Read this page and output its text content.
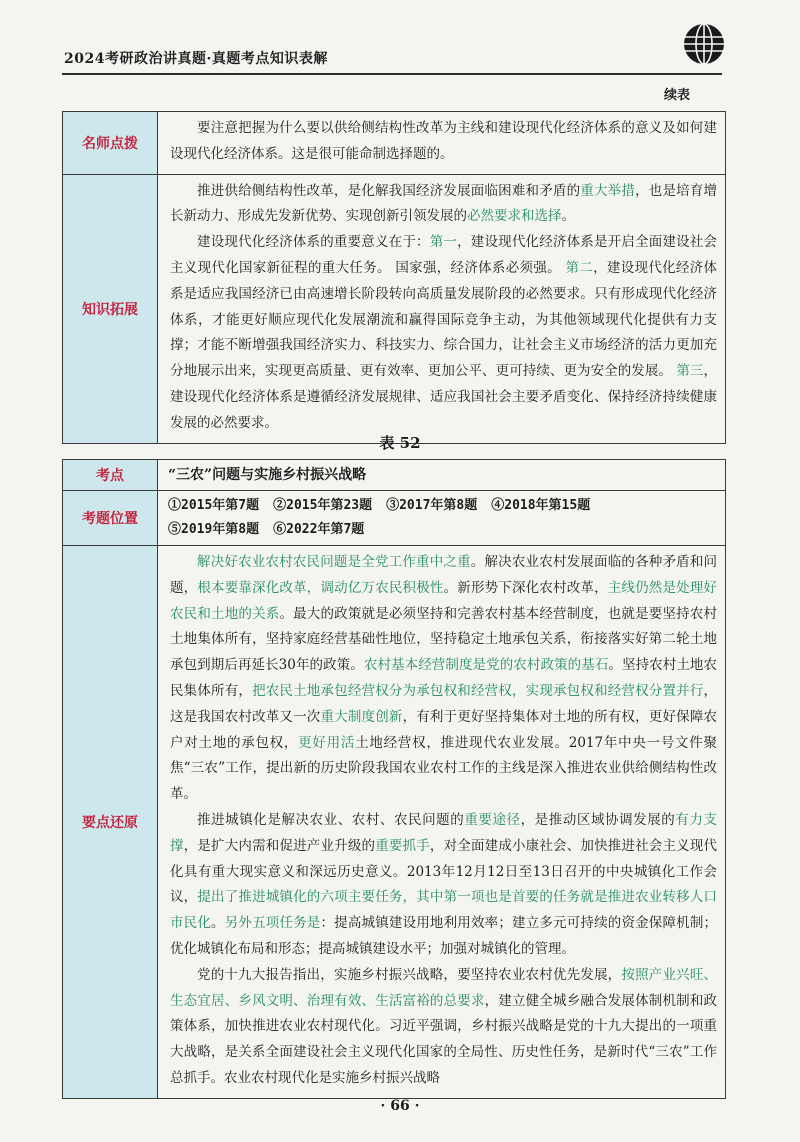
2024考研政治讲真题·真题考点知识表解
续表
名师点拨	要注意把握为什么要以供给侧结构性改革为主线和建设现代化经济体系的意义及如何建设现代化经济体系。这是很可能命制选择题的。

知识拓展	推进供给侧结构性改革，是化解我国经济发展面临困难和矛盾的重大举措，也是培育增长新动力、形成先发新优势、实现创新引领发展的必然要求和选择。

建设现代化经济体系的重要意义在于：第一，建设现代化经济体系是开启全面建设社会主义现代化国家新征程的重大任务。 国家强，经济体系必须强。 第二，建设现代化经济体系是适应我国经济已由高速增长阶段转向高质量发展阶段的必然要求。只有形成现代化经济体系，才能更好顺应现代化发展潮流和赢得国际竞争主动，为其他领域现代化提供有力支撑；才能不断增强我国经济实力、科技实力、综合国力，让社会主义市场经济的活力更加充分地展示出来，实现更高质量、更有效率、更加公平、更可持续、更为安全的发展。 第三，建设现代化经济体系是遵循经济发展规律、适应我国社会主要矛盾变化、保持经济持续健康发展的必然要求。

表 52
考点	“三农”问题与实施乡村振兴战略
考题位置	①2015年第7题 ②2015年第23题 ③2017年第8题 ④2018年第15题
⑤2019年第8题 ⑥2022年第7题

要点还原	解决好农业农村农民问题是全党工作重中之重。解决农业农村发展面临的各种矛盾和问题，根本要靠深化改革，调动亿万农民积极性。新形势下深化农村改革，主线仍然是处理好农民和土地的关系。最大的政策就是必须坚持和完善农村基本经营制度，也就是要坚持农村土地集体所有，坚持家庭经营基础性地位，坚持稳定土地承包关系，衔接落实好第二轮土地承包到期后再延长30年的政策。农村基本经营制度是党的农村政策的基石。坚持农村土地农民集体所有，把农民土地承包经营权分为承包权和经营权，实现承包权和经营权分置并行，这是我国农村改革又一次重大制度创新，有利于更好坚持集体对土地的所有权，更好保障农户对土地的承包权，更好用活土地经营权，推进现代农业发展。2017年中央一号文件聚焦“三农”工作，提出新的历史阶段我国农业农村工作的主线是深入推进农业供给侧结构性改革。

推进城镇化是解决农业、农村、农民问题的重要途径，是推动区域协调发展的有力支撑，是扩大内需和促进产业升级的重要抓手，对全面建成小康社会、加快推进社会主义现代化具有重大现实意义和深远历史意义。2013年12月12日至13日召开的中央城镇化工作会议，提出了推进城镇化的六项主要任务，其中第一项也是首要的任务就是推进农业转移人口市民化。另外五项任务是：提高城镇建设用地利用效率；建立多元可持续的资金保障机制；优化城镇化布局和形态；提高城镇建设水平；加强对城镇化的管理。

党的十九大报告指出，实施乡村振兴战略，要坚持农业农村优先发展，按照产业兴旺、生态宜居、乡风文明、治理有效、生活富裕的总要求，建立健全城乡融合发展体制机制和政策体系，加快推进农业农村现代化。习近平强调，乡村振兴战略是党的十九大提出的一项重大战略，是关系全面建设社会主义现代化国家的全局性、历史性任务，是新时代“三农”工作总抓手。农业农村现代化是实施乡村振兴战略

· 66 ·
